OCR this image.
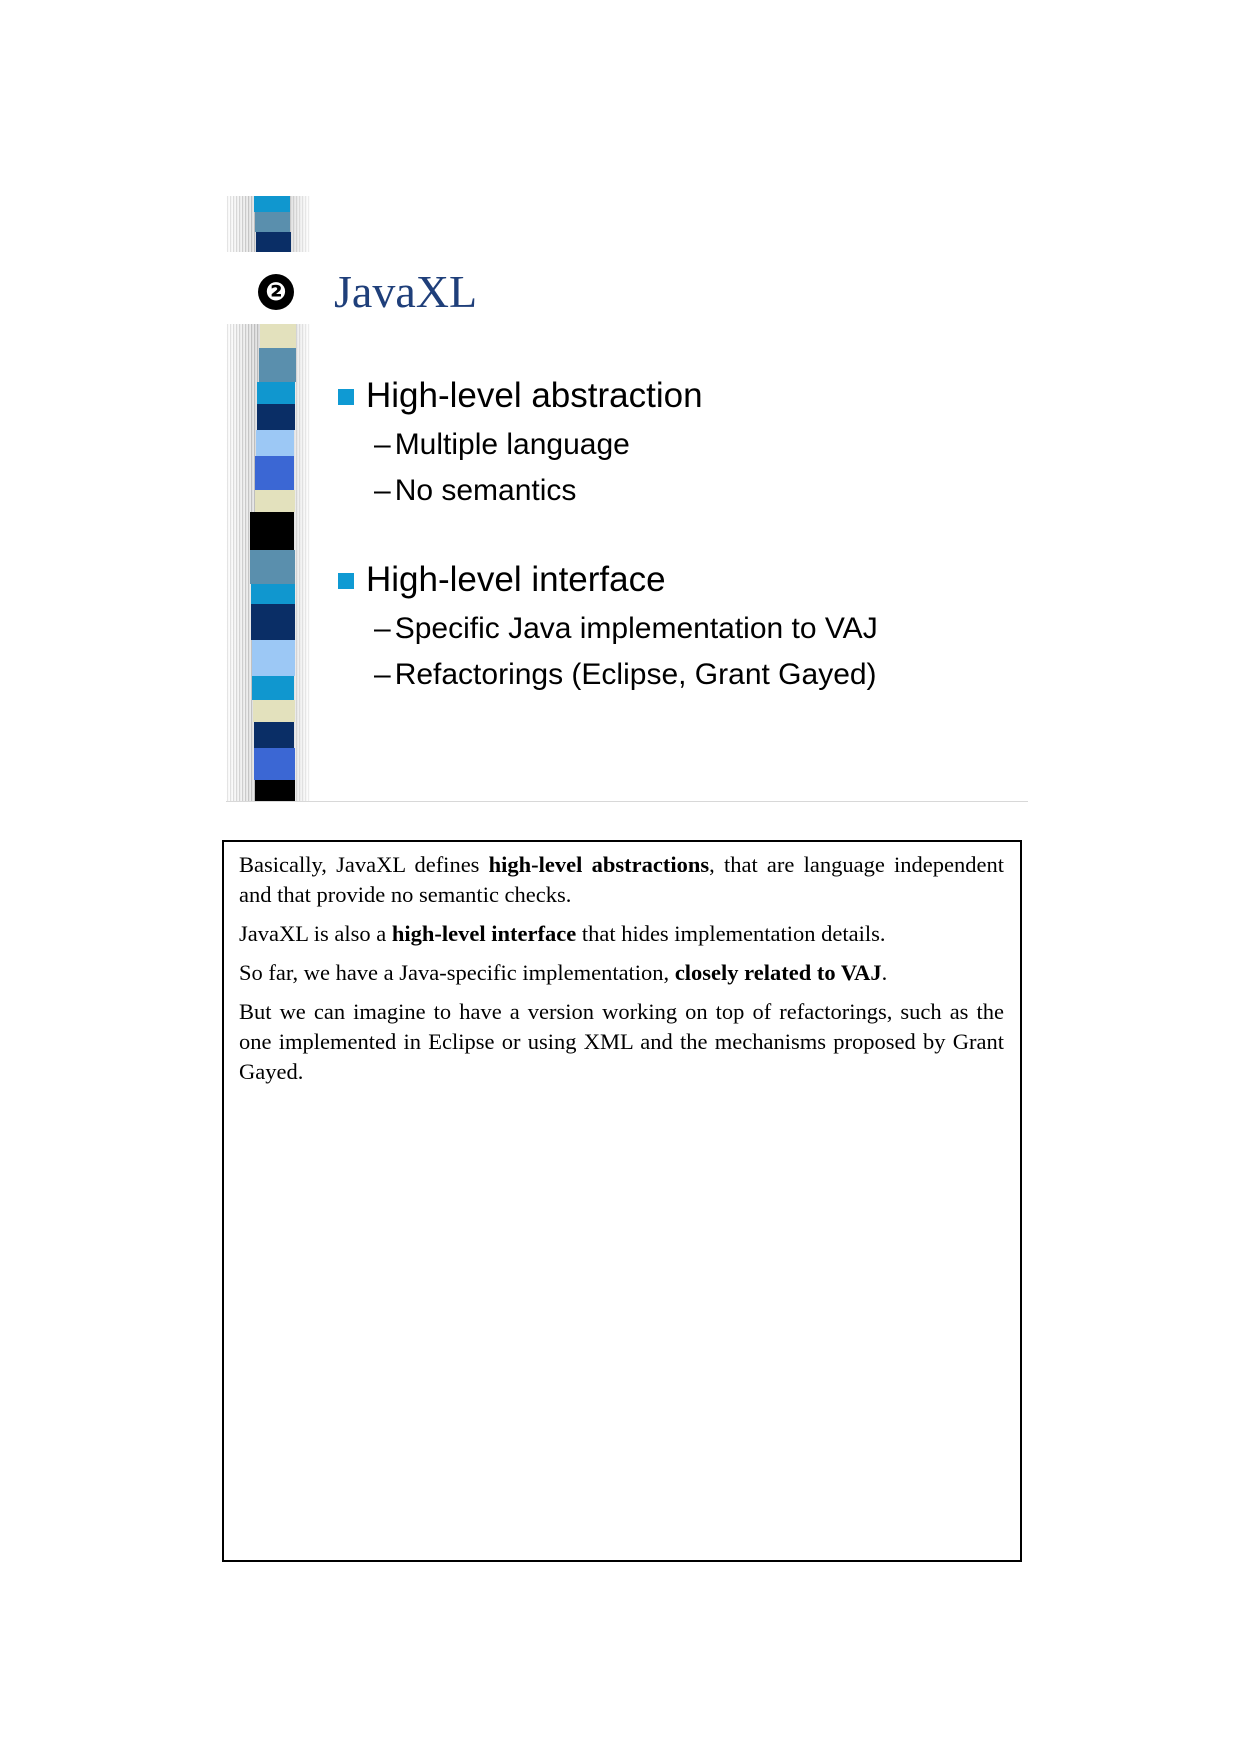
❷ JavaXL
High-level abstraction
– Multiple language
– No semantics
High-level interface
– Specific Java implementation to VAJ
– Refactorings (Eclipse, Grant Gayed)

Basically, JavaXL defines high-level abstractions, that are language independent and that provide no semantic checks.

JavaXL is also a high-level interface that hides implementation details.

So far, we have a Java-specific implementation, closely related to VAJ.

But we can imagine to have a version working on top of refactorings, such as the one implemented in Eclipse or using XML and the mechanisms proposed by Grant Gayed.
